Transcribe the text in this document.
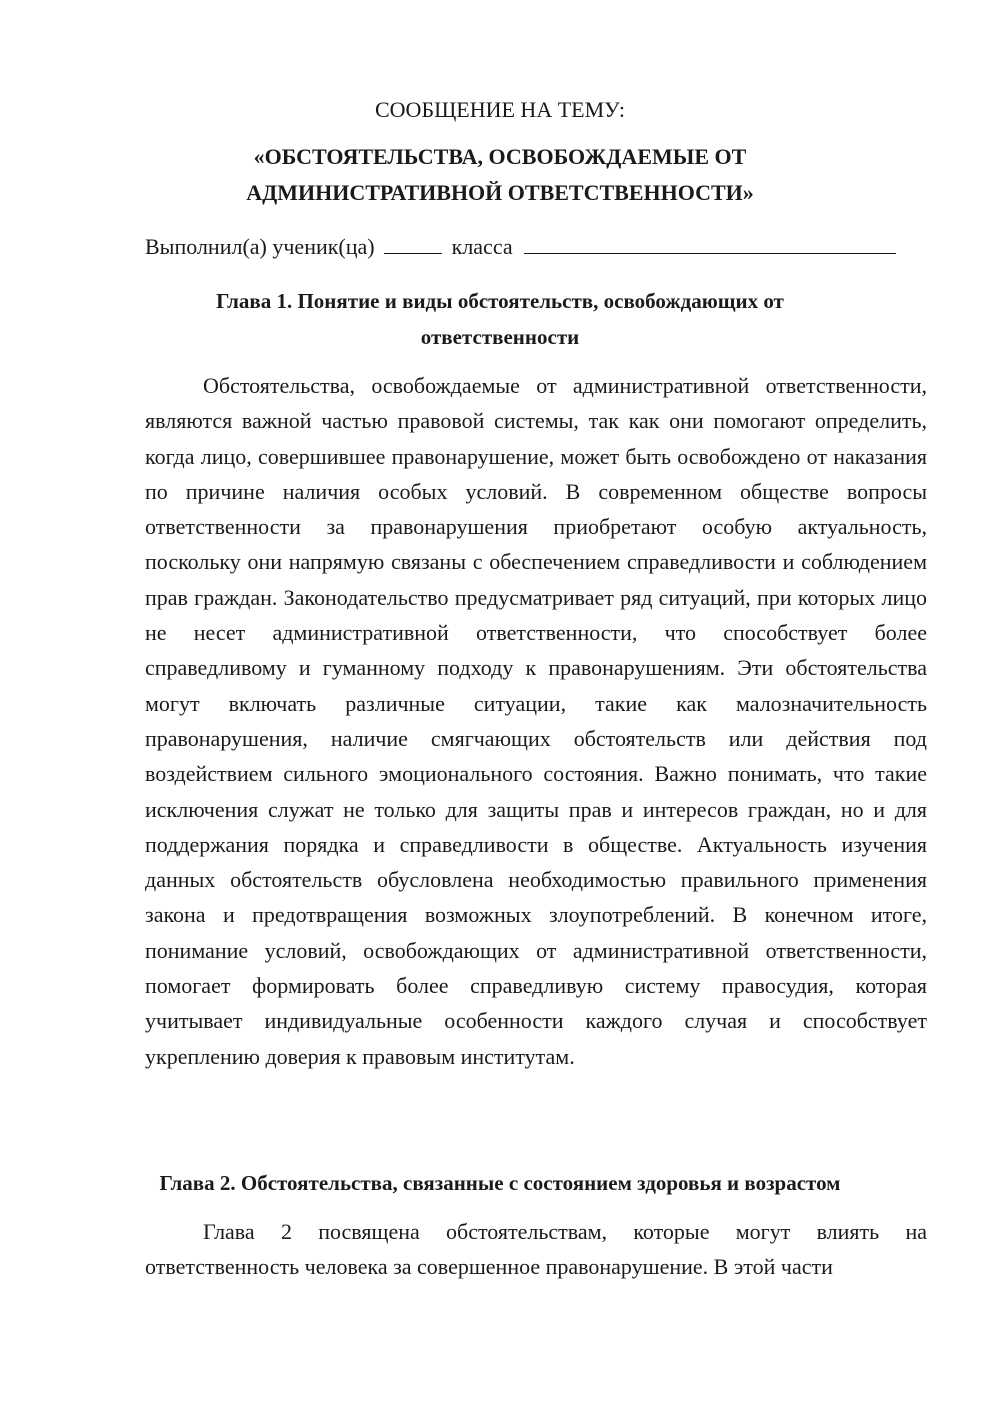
СООБЩЕНИЕ НА ТЕМУ:
«ОБСТОЯТЕЛЬСТВА, ОСВОБОЖДАЕМЫЕ ОТ
АДМИНИСТРАТИВНОЙ ОТВЕТСТВЕННОСТИ»
Выполнил(а) ученик(ца)	класса
Глава 1. Понятие и виды обстоятельств, освобождающих от
ответственности
Обстоятельства, освобождаемые от административной ответственности, являются важной частью правовой системы, так как они помогают определить, когда лицо, совершившее правонарушение, может быть освобождено от наказания по причине наличия особых условий. В современном обществе вопросы ответственности за правонарушения приобретают особую актуальность, поскольку они напрямую связаны с обеспечением справедливости и соблюдением прав граждан. Законодательство предусматривает ряд ситуаций, при которых лицо не несет административной ответственности, что способствует более справедливому и гуманному подходу к правонарушениям. Эти обстоятельства могут включать различные ситуации, такие как малозначительность правонарушения, наличие смягчающих обстоятельств или действия под воздействием сильного эмоционального состояния. Важно понимать, что такие исключения служат не только для защиты прав и интересов граждан, но и для поддержания порядка и справедливости в обществе. Актуальность изучения данных обстоятельств обусловлена необходимостью правильного применения закона и предотвращения возможных злоупотреблений. В конечном итоге, понимание условий, освобождающих от административной ответственности, помогает формировать более справедливую систему правосудия, которая учитывает индивидуальные особенности каждого случая и способствует укреплению доверия к правовым институтам.
Глава 2. Обстоятельства, связанные с состоянием здоровья и возрастом
Глава 2 посвящена обстоятельствам, которые могут влиять на ответственность человека за совершенное правонарушение. В этой части
